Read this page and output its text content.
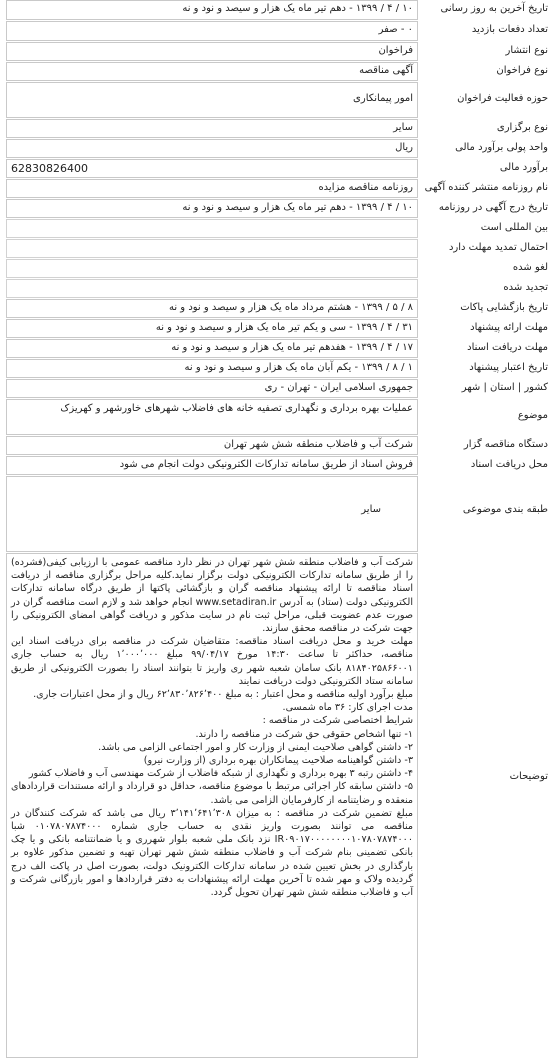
تاریخ آخرین به روز رسانی
۱۰ / ۴ / ۱۳۹۹ - دهم تیر ماه یک هزار و سیصد و نود و نه
تعداد دفعات بازدید
۰ - صفر
نوع انتشار
فراخوان
نوع فراخوان
آگهی مناقصه
حوزه فعالیت فراخوان
امور پیمانکاری
نوع برگزاری
سایر
واحد پولی برآورد مالی
ریال
برآورد مالی
62830826400
نام روزنامه منتشر کننده آگهی
روزنامه مناقصه مزایده
تاریخ درج آگهی در روزنامه
۱۰ / ۴ / ۱۳۹۹ - دهم تیر ماه یک هزار و سیصد و نود و نه
بین المللی است
احتمال تمدید مهلت دارد
لغو شده
تجدید شده
تاریخ بازگشایی پاکات
۸ / ۵ / ۱۳۹۹ - هشتم مرداد ماه یک هزار و سیصد و نود و نه
مهلت ارائه پیشنهاد
۳۱ / ۴ / ۱۳۹۹ - سی و یکم تیر ماه یک هزار و سیصد و نود و نه
مهلت دریافت اسناد
۱۷ / ۴ / ۱۳۹۹ - هفدهم تیر ماه یک هزار و سیصد و نود و نه
تاریخ اعتبار پیشنهاد
۱ / ۸ / ۱۳۹۹ - یکم آبان ماه یک هزار و سیصد و نود و نه
کشور | استان | شهر
جمهوری اسلامی ایران - تهران - ری
موضوع
عملیات بهره برداری و نگهداری تصفیه خانه های فاضلاب شهرهای خاورشهر و کهریزک
دستگاه مناقصه گزار
شرکت آب و فاضلاب منطقه شش شهر تهران
محل دریافت اسناد
فروش اسناد از طریق سامانه تدارکات الکترونیکی دولت انجام می شود
طبقه بندی موضوعی
سایر
توضیحات
شرکت آب و فاضلاب منطقه شش شهر تهران در نظر دارد مناقصه عمومی با ارزیابی کیفی(فشرده) را از طریق سامانه تدارکات الکترونیکی دولت برگزار نماید.کلیه مراحل برگزاری مناقصه از دریافت اسناد مناقصه تا ارائه پیشنهاد مناقصه گران و بازگشائی پاکتها از طریق درگاه سامانه تدارکات الکترونیکی دولت (ستاد) به آدرس www.setadiran.ir انجام خواهد شد و لازم است مناقصه گران در صورت عدم عضویت قبلی، مراحل ثبت نام در سایت مذکور و دریافت گواهی امضای الکترونیکی را جهت شرکت در مناقصه محقق سازند.
مهلت خرید و محل دریافت اسناد مناقصه: متقاضیان شرکت در مناقصه برای دریافت اسناد این مناقصه، حداکثر تا ساعت ۱۴:۳۰ مورخ ۹۹/۰۴/۱۷ مبلغ ۱٬۰۰۰٬۰۰۰ ریال به حساب جاری ۸۱۸۴۰۲۵۸۶۶۰۰۱ بانک سامان شعبه شهر ری واریز تا بتوانند اسناد را بصورت الکترونیکی از طریق سامانه ستاد الکترونیکی دولت دریافت نمایند
مبلغ برآورد اولیه مناقصه و محل اعتبار : به مبلغ ۶۲٬۸۳۰٬۸۲۶٬۴۰۰ ریال و از محل اعتبارات جاری.
مدت اجرای کار: ۳۶ ماه شمسی.
شرایط اختصاصی شرکت در مناقصه :
۱- تنها اشخاص حقوقی حق شرکت در مناقصه را دارند.
۲- داشتن گواهی صلاحیت ایمنی از وزارت کار و امور اجتماعی الزامی می باشد.
۳- داشتن گواهینامه صلاحیت پیمانکاران بهره برداری (از وزارت نیرو)
۴- داشتن رتبه ۳ بهره برداری و نگهداری از شبکه فاضلاب از شرکت مهندسی آب و فاضلاب کشور
۵- داشتن سابقه کار اجرائی مرتبط با موضوع مناقصه، حداقل دو قرارداد و ارائه مستندات قراردادهای منعقده و رضایتنامه از کارفرمایان الزامی می باشد.
مبلغ تضمین شرکت در مناقصه : به میزان ۳٬۱۴۱٬۶۴۱٬۳۰۸ ریال می باشد که شرکت کنندگان در مناقصه می توانند بصورت واریز نقدی به حساب جاری شماره ۰۱۰۷۸۰۷۸۷۴۰۰۰ شبا IR۰۹۰۱۷۰۰۰۰۰۰۰۰۱۰۷۸۰۷۸۷۴۰۰۰ نزد بانک ملی شعبه بلوار شهرری و یا ضمانتنامه بانکی و یا چک بانکی تضمینی بنام شرکت آب و فاضلاب منطقه شش شهر تهران تهیه و تضمین مذکور علاوه بر بارگذاری در بخش تعیین شده در سامانه تدارکات الکترونیک دولت، بصورت اصل در پاکت الف درج گردیده ولاک و مهر شده تا آخرین مهلت ارائه پیشنهادات به دفتر قراردادها و امور بازرگانی شرکت و آب و فاضلاب منطقه شش شهر تهران تحویل گردد.
